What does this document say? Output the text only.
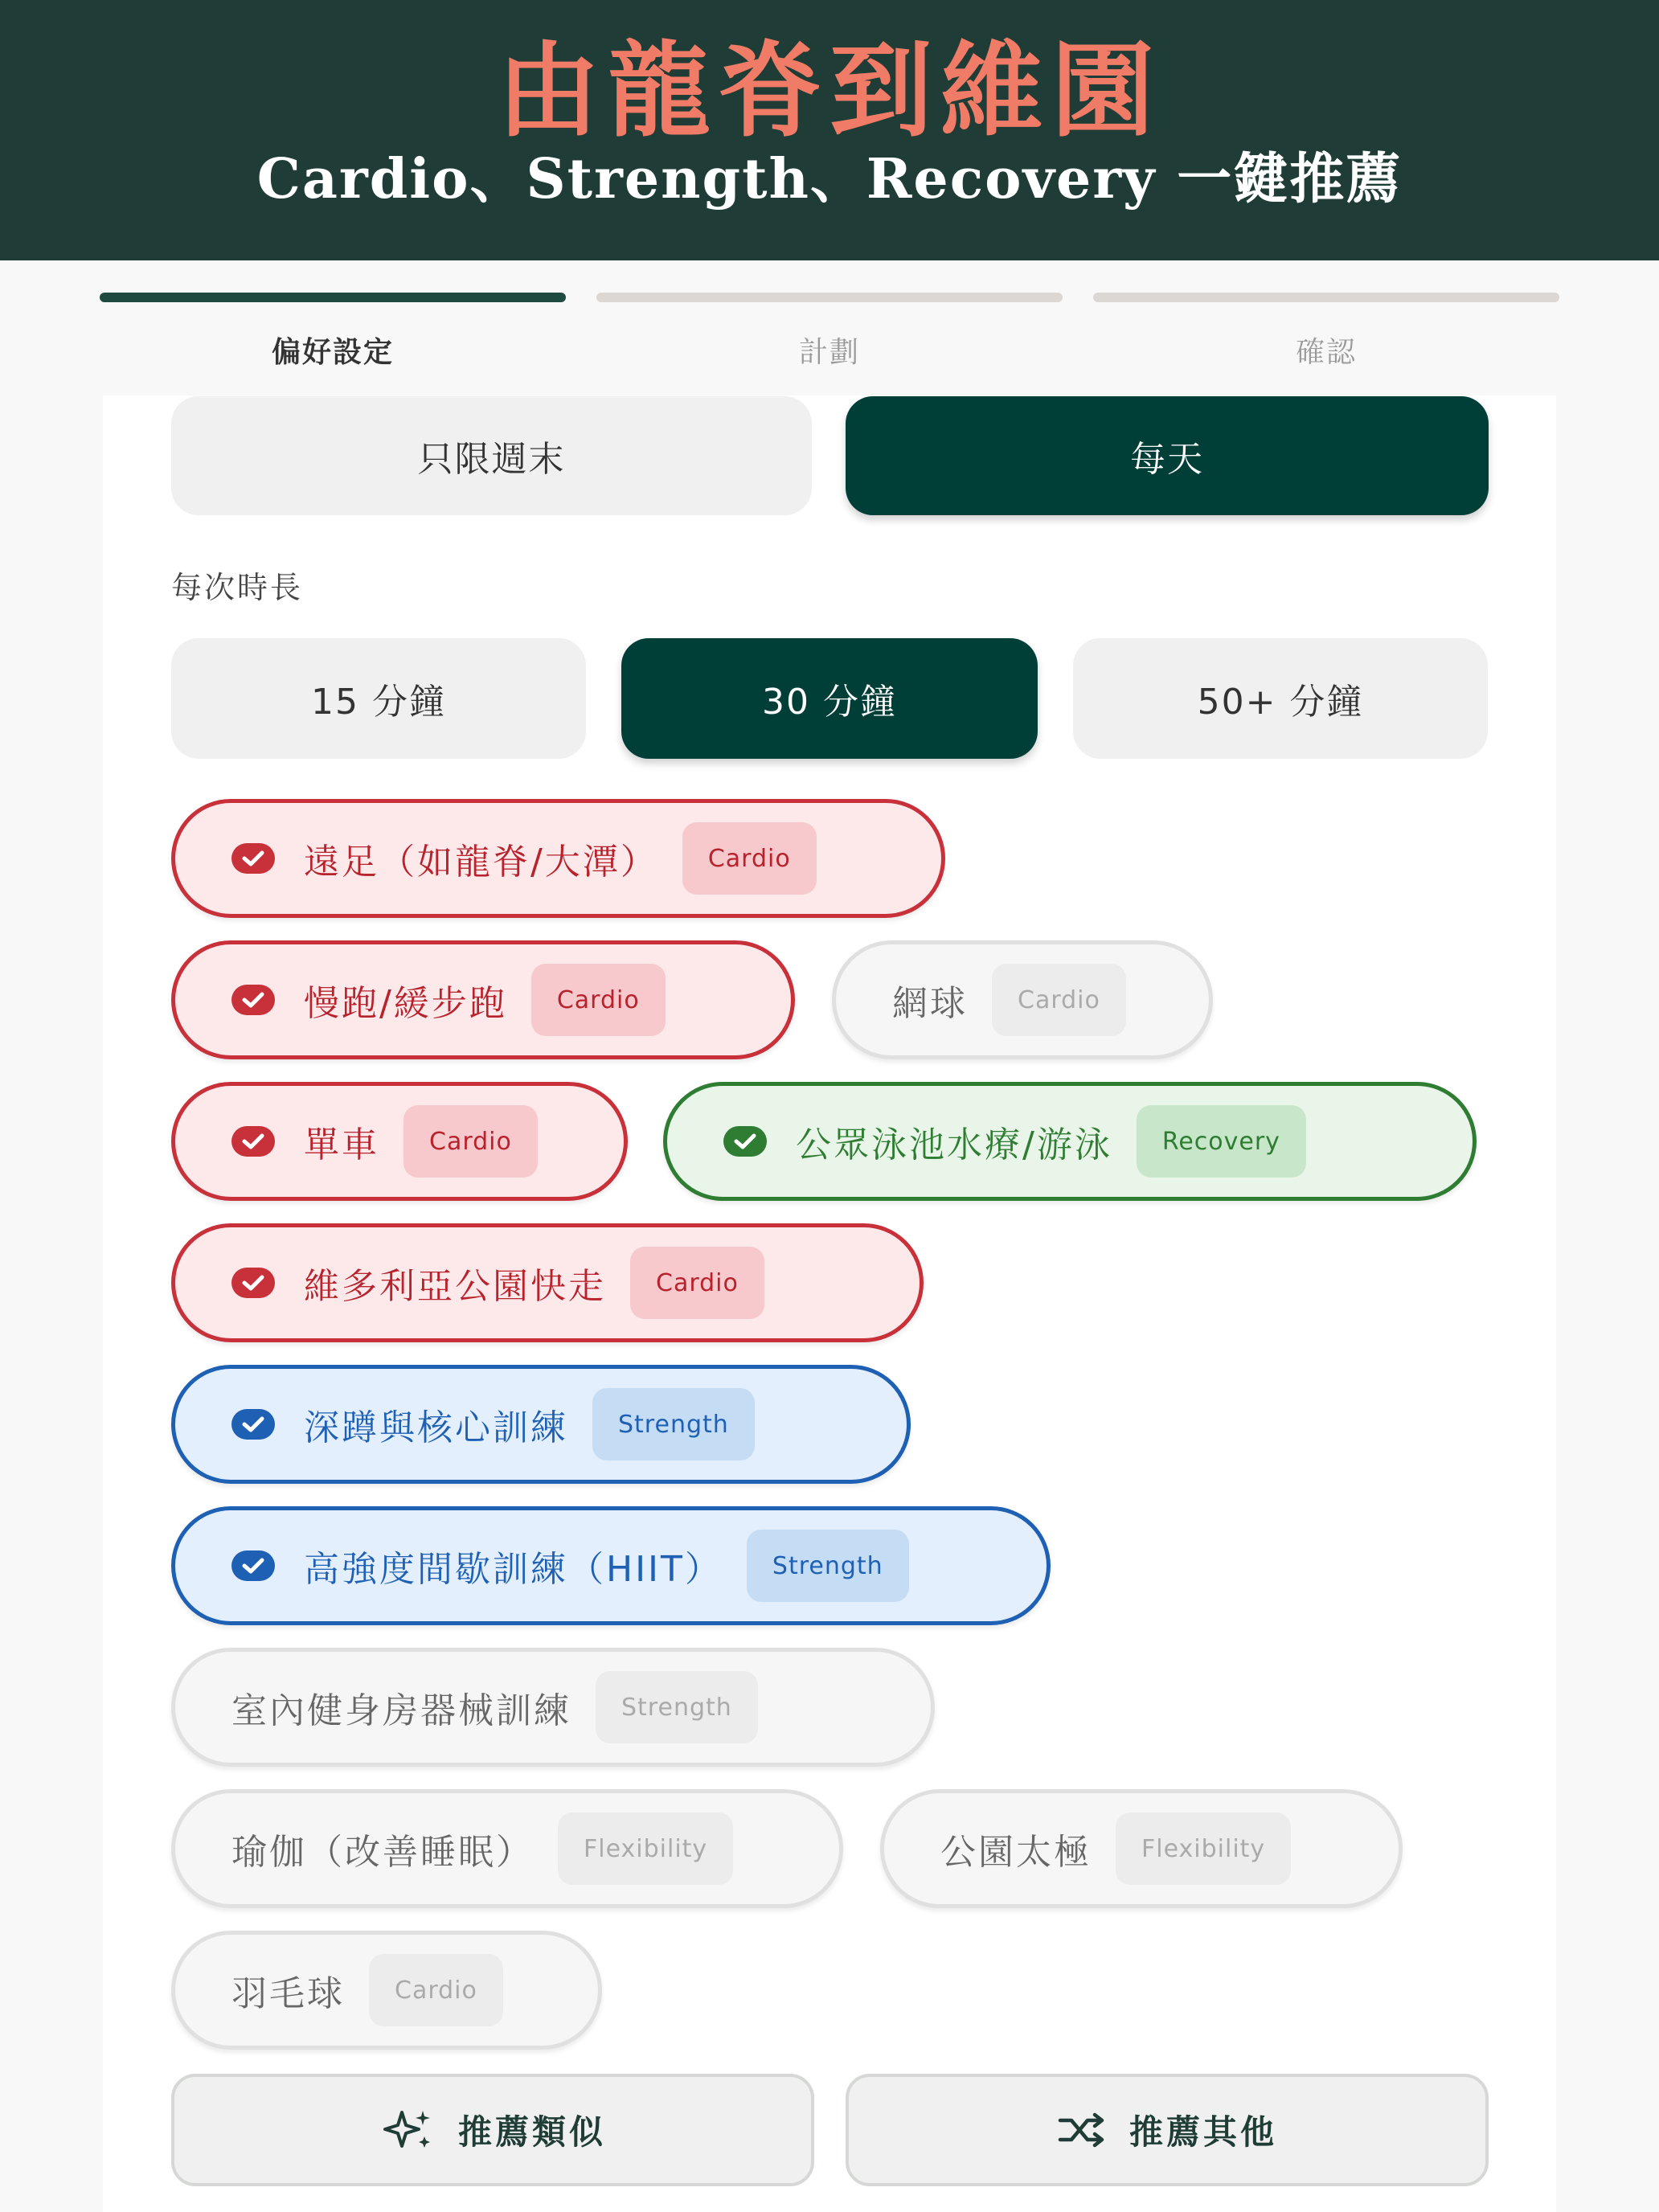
由龍脊到維園
Cardio、Strength、Recovery 一鍵推薦
偏好設定	計劃	確認
只限週末	每天
每次時長
15 分鐘	30 分鐘	50+ 分鐘
遠足（如龍脊/大潭）	Cardio
慢跑/緩步跑	Cardio	網球	Cardio
單車	Cardio	公眾泳池水療/游泳	Recovery
維多利亞公園快走	Cardio
深蹲與核心訓練	Strength
高強度間歇訓練（HIIT）	Strength
室內健身房器械訓練	Strength
瑜伽（改善睡眠）	Flexibility	公園太極	Flexibility
羽毛球	Cardio
推薦類似	推薦其他
